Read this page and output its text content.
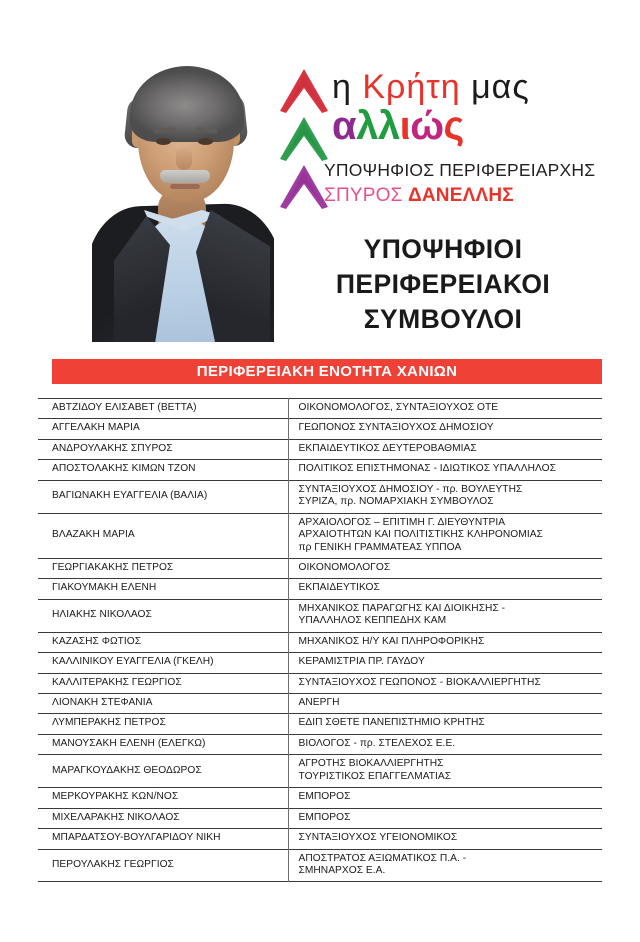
η Κρήτη μας
αλλιώς
ΥΠΟΨΗΦΙΟΣ ΠΕΡΙΦΕΡΕΙΑΡΧΗΣ
ΣΠΥΡΟΣ ΔΑΝΕΛΛΗΣ
ΥΠΟΨΗΦΙΟΙ
ΠΕΡΙΦΕΡΕΙΑΚΟΙ
ΣΥΜΒΟΥΛΟΙ
ΠΕΡΙΦΕΡΕΙΑΚΗ ΕΝΟΤΗΤΑ ΧΑΝΙΩΝ
ΑΒΤΖΙΔΟΥ ΕΛΙΣΑΒΕΤ (ΒΕΤΤΑ)	ΟΙΚΟΝΟΜΟΛΟΓΟΣ, ΣΥΝΤΑΞΙΟΥΧΟΣ ΟΤΕ

ΑΓΓΕΛΑΚΗ ΜΑΡΙΑ	ΓΕΩΠΟΝΟΣ ΣΥΝΤΑΞΙΟΥΧΟΣ ΔΗΜΟΣΙΟΥ

ΑΝΔΡΟΥΛΑΚΗΣ ΣΠΥΡΟΣ	ΕΚΠΑΙΔΕΥΤΙΚΟΣ ΔΕΥΤΕΡΟΒΑΘΜΙΑΣ

ΑΠΟΣΤΟΛΑΚΗΣ ΚΙΜΩΝ ΤΖΟΝ	ΠΟΛΙΤΙΚΟΣ ΕΠΙΣΤΗΜΟΝΑΣ - ΙΔΙΩΤΙΚΟΣ ΥΠΑΛΛΗΛΟΣ

ΒΑΓΙΩΝΑΚΗ ΕΥΑΓΓΕΛΙΑ (ΒΑΛΙΑ)	ΣΥΝΤΑΞΙΟΥΧΟΣ ΔΗΜΟΣΙΟΥ - πρ. ΒΟΥΛΕΥΤΗΣ
ΣΥΡΙΖΑ, πρ. ΝΟΜΑΡΧΙΑΚΗ ΣΥΜΒΟΥΛΟΣ

ΒΛΑΖΑΚΗ ΜΑΡΙΑ	ΑΡΧΑΙΟΛΟΓΟΣ – ΕΠΙΤΙΜΗ Γ. ΔΙΕΥΘΥΝΤΡΙΑ
ΑΡΧΑΙΟΤΗΤΩΝ ΚΑΙ ΠΟΛΙΤΙΣΤΙΚΗΣ ΚΛΗΡΟΝΟΜΙΑΣ
πρ ΓΕΝΙΚΗ ΓΡΑΜΜΑΤΕΑΣ ΥΠΠΟΑ

ΓΕΩΡΓΙΑΚΑΚΗΣ ΠΕΤΡΟΣ	ΟΙΚΟΝΟΜΟΛΟΓΟΣ

ΓΙΑΚΟΥΜΑΚΗ ΕΛΕΝΗ	ΕΚΠΑΙΔΕΥΤΙΚΟΣ

ΗΛΙΑΚΗΣ ΝΙΚΟΛΑΟΣ	ΜΗΧΑΝΙΚΟΣ ΠΑΡΑΓΩΓΗΣ ΚΑΙ ΔΙΟΙΚΗΣΗΣ -
ΥΠΑΛΛΗΛΟΣ ΚΕΠΠΕΔΗΧ ΚΑΜ

ΚΑΖΑΣΗΣ ΦΩΤΙΟΣ	ΜΗΧΑΝΙΚΟΣ Η/Υ ΚΑΙ ΠΛΗΡΟΦΟΡΙΚΗΣ

ΚΑΛΛΙΝΙΚΟΥ ΕΥΑΓΓΕΛΙΑ (ΓΚΕΛΗ)	ΚΕΡΑΜΙΣΤΡΙΑ ΠΡ. ΓΑΥΔΟΥ

ΚΑΛΛΙΤΕΡΑΚΗΣ ΓΕΩΡΓΙΟΣ	ΣΥΝΤΑΞΙΟΥΧΟΣ ΓΕΩΠΟΝΟΣ - ΒΙΟΚΑΛΛΙΕΡΓΗΤΗΣ

ΛΙΟΝΑΚΗ ΣΤΕΦΑΝΙΑ	ΑΝΕΡΓΗ

ΛΥΜΠΕΡΑΚΗΣ ΠΕΤΡΟΣ	ΕΔΙΠ ΣΘΕΤΕ ΠΑΝΕΠΙΣΤΗΜΙΟ ΚΡΗΤΗΣ

ΜΑΝΟΥΣΑΚΗ ΕΛΕΝΗ (ΕΛΕΓΚΩ)	ΒΙΟΛΟΓΟΣ - πρ. ΣΤΕΛΕΧΟΣ Ε.Ε.

ΜΑΡΑΓΚΟΥΔΑΚΗΣ ΘΕΟΔΩΡΟΣ	ΑΓΡΟΤΗΣ ΒΙΟΚΑΛΛΙΕΡΓΗΤΗΣ
ΤΟΥΡΙΣΤΙΚΟΣ ΕΠΑΓΓΕΛΜΑΤΙΑΣ

ΜΕΡΚΟΥΡΑΚΗΣ ΚΩΝ/ΝΟΣ	ΕΜΠΟΡΟΣ

ΜΙΧΕΛΑΡΑΚΗΣ ΝΙΚΟΛΑΟΣ	ΕΜΠΟΡΟΣ

ΜΠΑΡΔΑΤΣΟΥ-ΒΟΥΛΓΑΡΙΔΟΥ ΝΙΚΗ	ΣΥΝΤΑΞΙΟΥΧΟΣ ΥΓΕΙΟΝΟΜΙΚΟΣ

ΠΕΡΟΥΛΑΚΗΣ ΓΕΩΡΓΙΟΣ	ΑΠΟΣΤΡΑΤΟΣ ΑΞΙΩΜΑΤΙΚΟΣ Π.Α. -
ΣΜΗΝΑΡΧΟΣ Ε.Α.
